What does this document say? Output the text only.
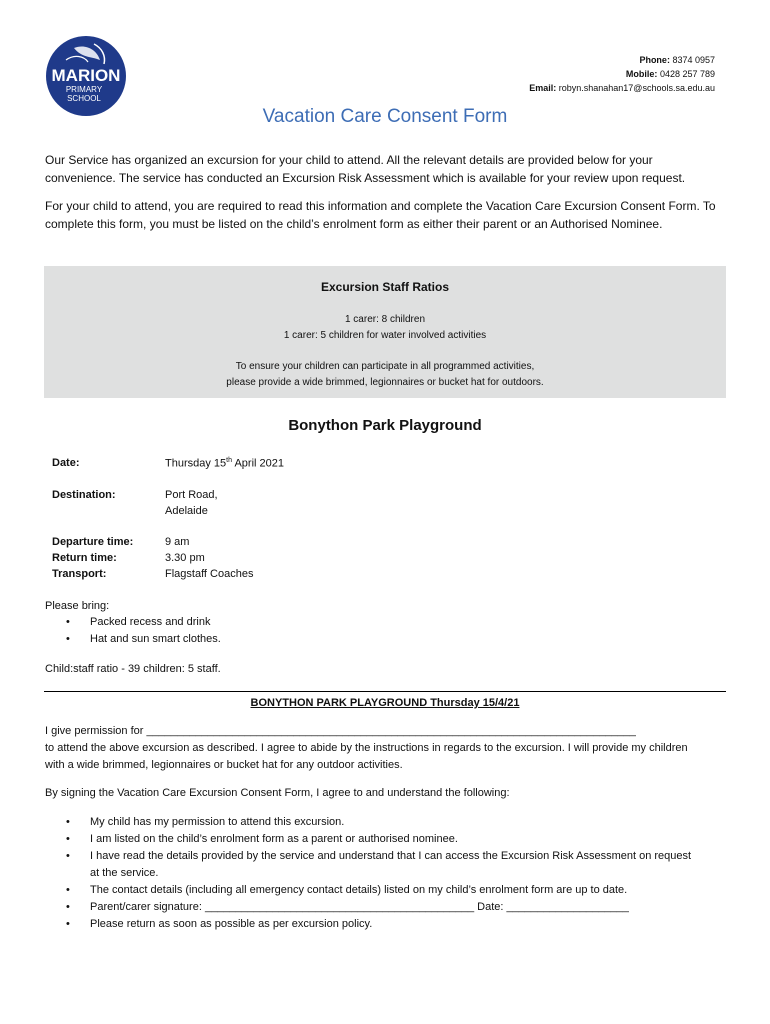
MARION
PRIMARY
SCHOOL
Phone: 8374 0957
Mobile: 0428 257 789
Email: robyn.shanahan17@schools.sa.edu.au
Vacation Care Consent Form
Our Service has organized an excursion for your child to attend. All the relevant details are provided below for your convenience. The service has conducted an Excursion Risk Assessment which is available for your review upon request.
For your child to attend, you are required to read this information and complete the Vacation Care Excursion Consent Form. To complete this form, you must be listed on the child’s enrolment form as either their parent or an Authorised Nominee.
Excursion Staff Ratios
1 carer: 8 children
1 carer: 5 children for water involved activities
To ensure your children can participate in all programmed activities,
please provide a wide brimmed, legionnaires or bucket hat for outdoors.
Bonython Park Playground
Date:	Thursday 15th April 2021
Destination:	Port Road,
Adelaide
Departure time:	9 am
Return time:	3.30 pm
Transport:	Flagstaff Coaches
Please bring:
• Packed recess and drink
• Hat and sun smart clothes.
Child:staff ratio - 39 children: 5 staff.
BONYTHON PARK PLAYGROUND Thursday 15/4/21
I give permission for ________________________________________________________________________________
to attend the above excursion as described. I agree to abide by the instructions in regards to the excursion. I will provide my children
with a wide brimmed, legionnaires or bucket hat for any outdoor activities.
By signing the Vacation Care Excursion Consent Form, I agree to and understand the following:
• My child has my permission to attend this excursion.
• I am listed on the child’s enrolment form as a parent or authorised nominee.
• I have read the details provided by the service and understand that I can access the Excursion Risk Assessment on request
at the service.
• The contact details (including all emergency contact details) listed on my child’s enrolment form are up to date.
• Parent/carer signature: ____________________________________________ Date: ____________________
• Please return as soon as possible as per excursion policy.
